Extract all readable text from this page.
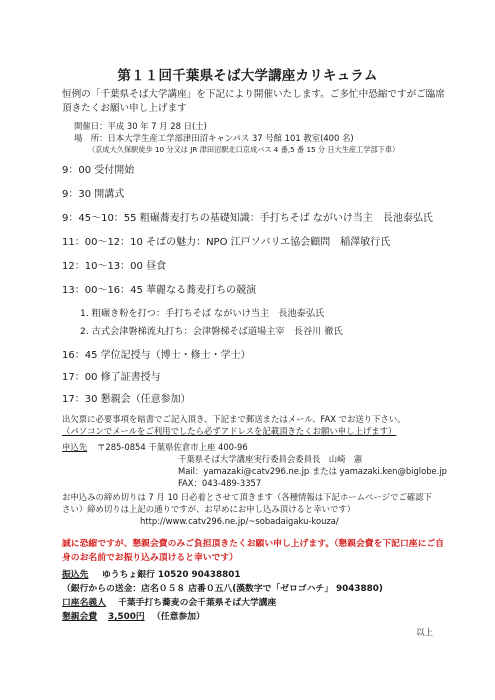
第１１回千葉県そば大学講座カリキュラム
恒例の「千葉県そば大学講座」を下記により開催いたします。ご多忙中恐縮ですがご臨席
頂きたくお願い申し上げます
開催日：平成 30 年 7 月 28 日(土)
場　所：日本大学生産工学部津田沼キャンパス 37 号館 101 教室(400 名)
（京成大久保駅徒歩 10 分又は JR 津田沼駅北口京成バス 4 番,5 番 15 分 日大生産工学部下車）
9：00 受付開始
9：30 開講式
9：45～10：55 粗碾蕎麦打ちの基礎知識：手打ちそば ながいけ当主　長池泰弘氏
11：00～12：10 そばの魅力：NPO 江戸ソバリエ協会顧問　稲澤敏行氏
12：10～13：00 昼食
13：00～16：45 華麗なる蕎麦打ちの競演
1. 粗碾き粉を打つ：手打ちそば ながいけ当主　長池泰弘氏
2. 古式会津磐梯流丸打ち：会津磐梯そば道場主宰　長谷川 徹氏
16：45 学位記授与（博士・修士・学士）
17：00 修了証書授与
17：30 懇親会（任意参加）
出欠票に必要事項を暗書でご記入頂き、下記まで郵送またはメール、FAX でお送り下さい。
（パソコンでメールをご利用でしたら必ずアドレスを記載頂きたくお願い申し上げます）
申込先 〒285-0854 千葉県佐倉市上座 400-96
千葉県そば大学講座実行委員会委員長　山崎　憲
Mail：yamazaki@catv296.ne.jp または yamazaki.ken@biglobe.jp
FAX：043-489-3357
お申込みの締め切りは 7 月 10 日必着とさせて頂きます（各種情報は下記ホームページでご確認下
さい）締め切りは上記の通りですが、お早めにお申し込み頂けると幸いです）
http://www.catv296.ne.jp/~sobadaigaku-kouza/
誠に恐縮ですが、懇親会費のみご負担頂きたくお願い申し上げます。（懇親会費を下記口座にご自
身のお名前でお振り込み頂けると幸いです）
振込先 ゆうちょ銀行 10520 90438801
（銀行からの送金：店名０５８ 店番０五八(漢数字で「ゼロゴハチ」 9043880)
口座名義人 千葉手打ち蕎麦の会千葉県そば大学講座
懇親会費 3,500円 （任意参加）
以上
